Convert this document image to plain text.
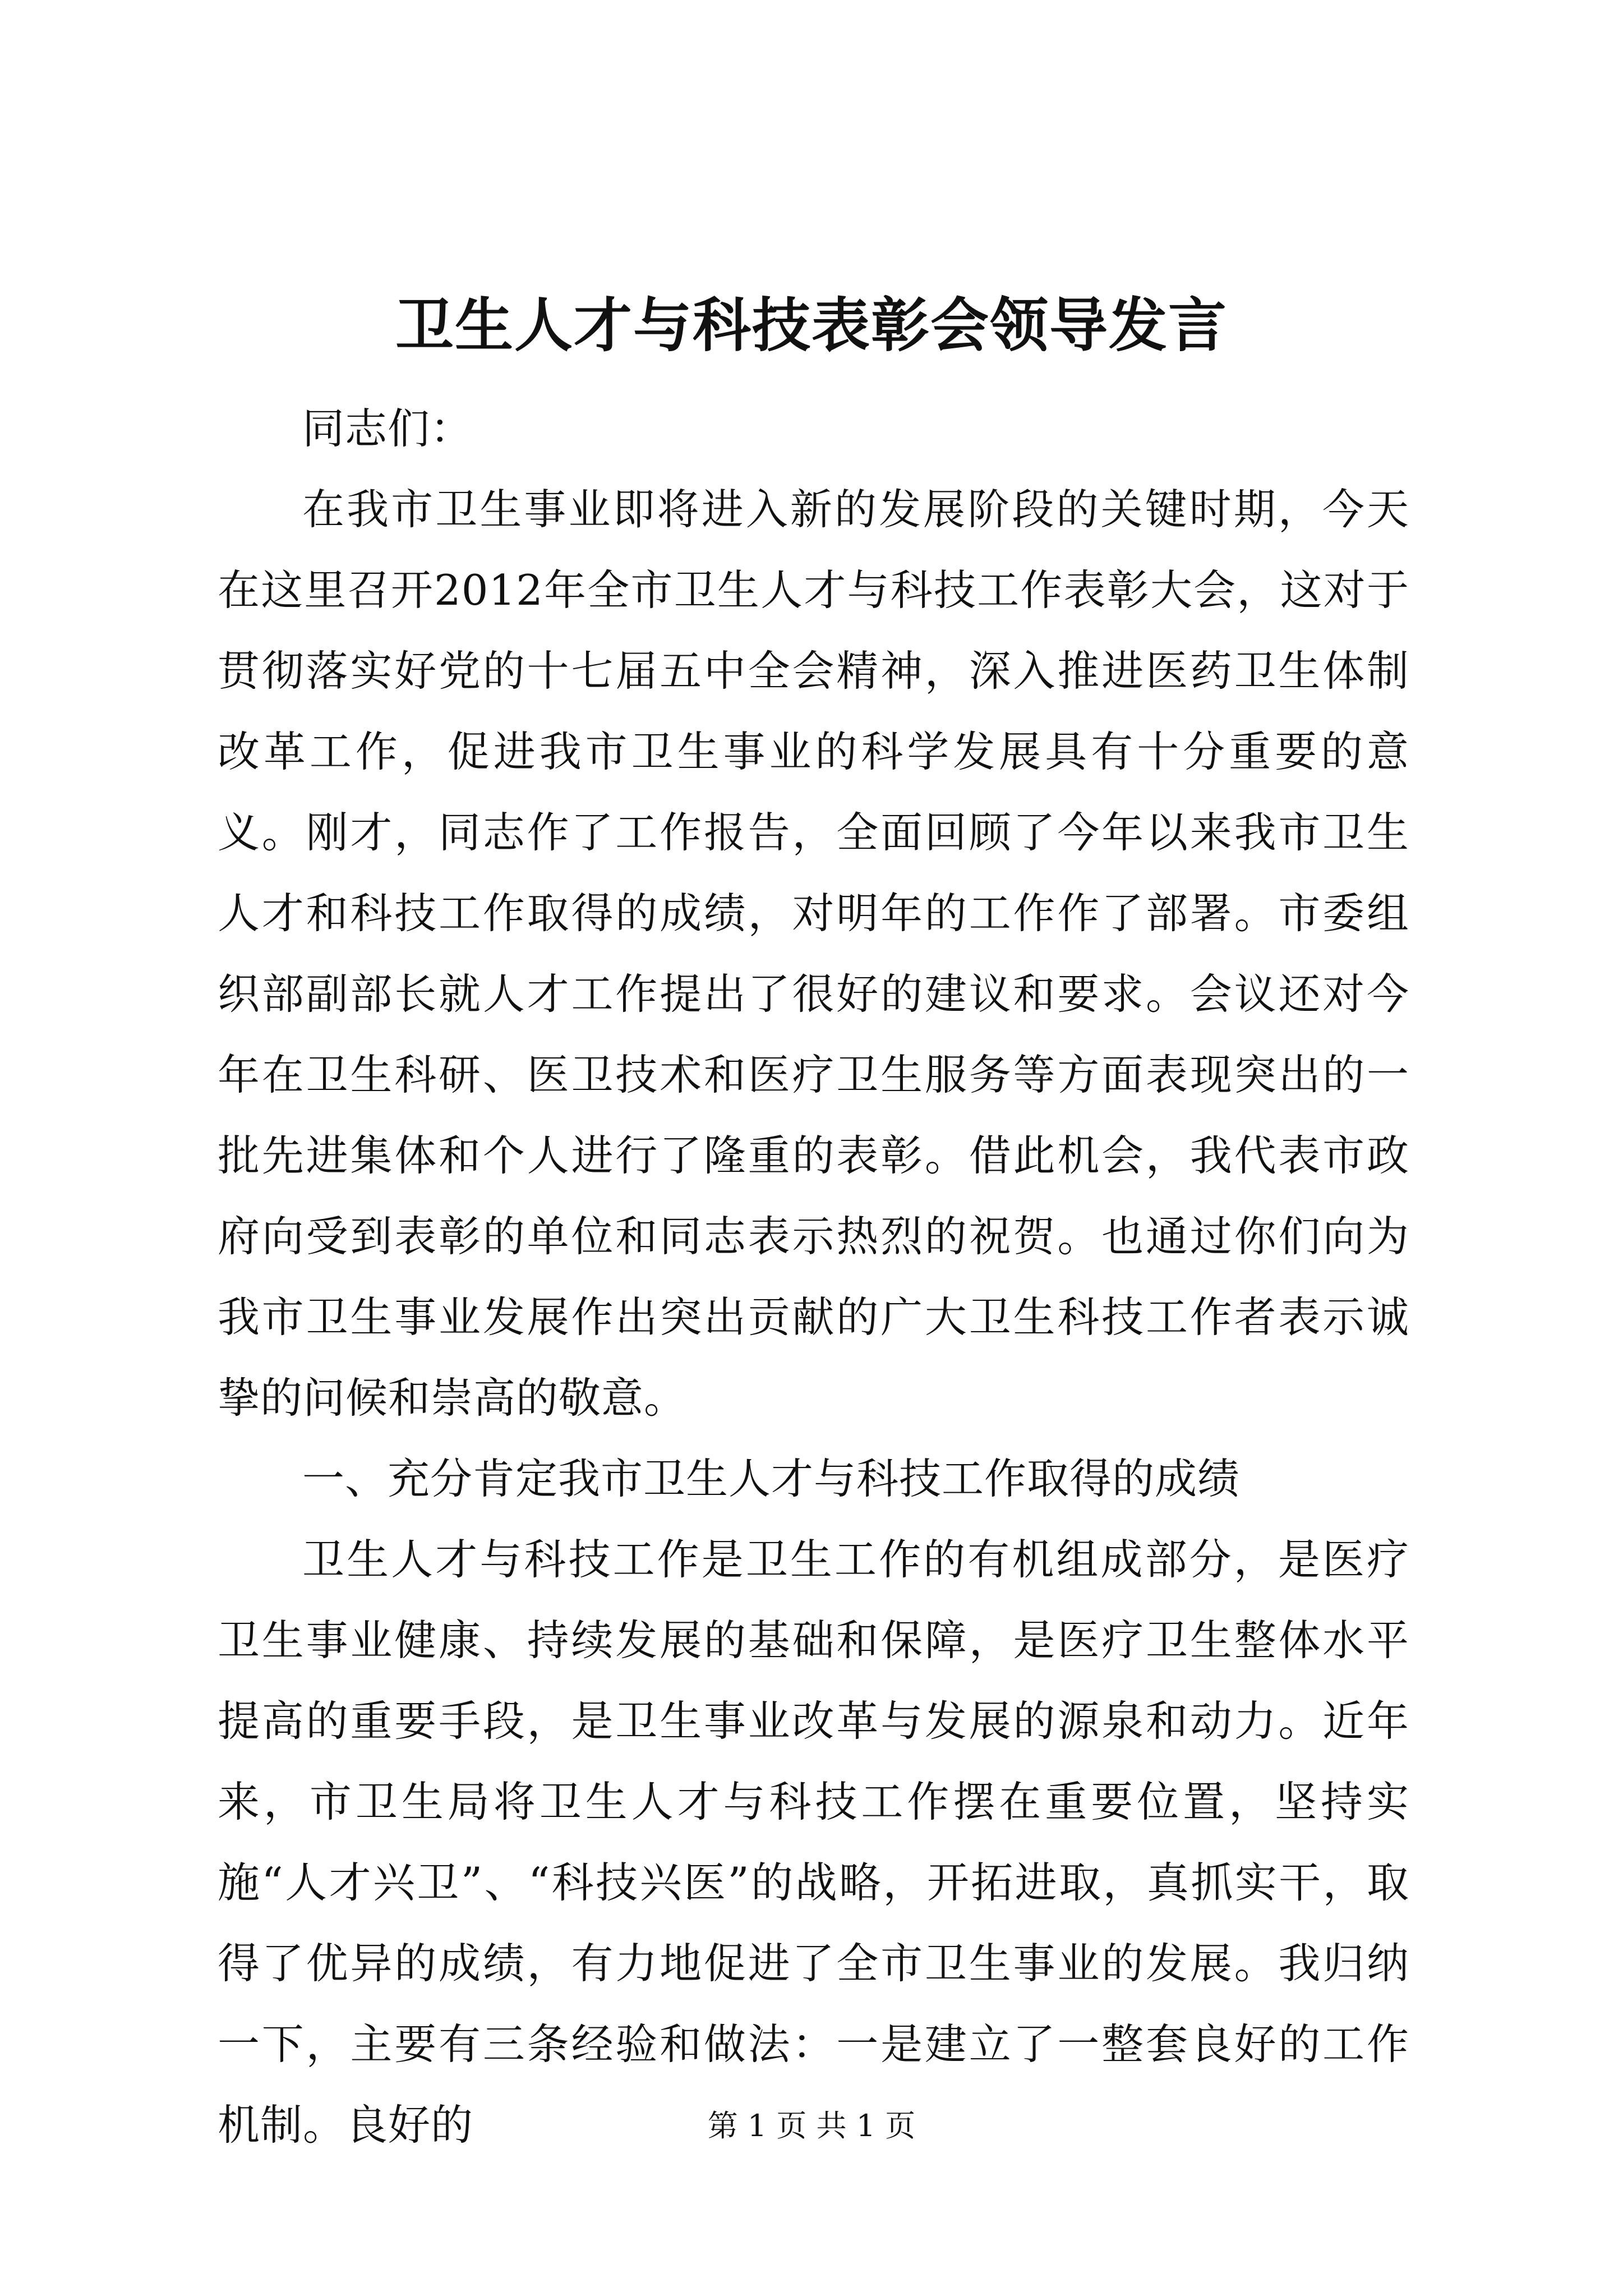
卫生人才与科技表彰会领导发言

同志们：

在我市卫生事业即将进入新的发展阶段的关键时期，今天在这里召开2012年全市卫生人才与科技工作表彰大会，这对于贯彻落实好党的十七届五中全会精神，深入推进医药卫生体制改革工作，促进我市卫生事业的科学发展具有十分重要的意义。刚才，同志作了工作报告，全面回顾了今年以来我市卫生人才和科技工作取得的成绩，对明年的工作作了部署。市委组织部副部长就人才工作提出了很好的建议和要求。会议还对今年在卫生科研、医卫技术和医疗卫生服务等方面表现突出的一批先进集体和个人进行了隆重的表彰。借此机会，我代表市政府向受到表彰的单位和同志表示热烈的祝贺。也通过你们向为我市卫生事业发展作出突出贡献的广大卫生科技工作者表示诚挚的问候和崇高的敬意。

一、充分肯定我市卫生人才与科技工作取得的成绩

卫生人才与科技工作是卫生工作的有机组成部分，是医疗卫生事业健康、持续发展的基础和保障，是医疗卫生整体水平提高的重要手段，是卫生事业改革与发展的源泉和动力。近年来，市卫生局将卫生人才与科技工作摆在重要位置，坚持实施“人才兴卫”、“科技兴医”的战略，开拓进取，真抓实干，取得了优异的成绩，有力地促进了全市卫生事业的发展。我归纳一下，主要有三条经验和做法：一是建立了一整套良好的工作机制。良好的	第 1 页 共 1 页
